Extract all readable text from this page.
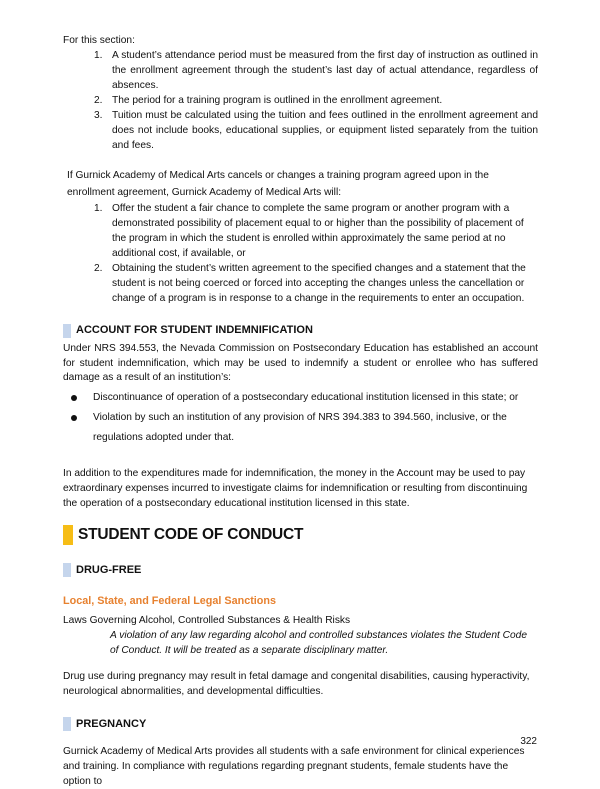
For this section:

1. A student’s attendance period must be measured from the first day of instruction as outlined in the enrollment agreement through the student’s last day of actual attendance, regardless of absences.
2. The period for a training program is outlined in the enrollment agreement.
3. Tuition must be calculated using the tuition and fees outlined in the enrollment agreement and does not include books, educational supplies, or equipment listed separately from the tuition and fees.

If Gurnick Academy of Medical Arts cancels or changes a training program agreed upon in the enrollment agreement, Gurnick Academy of Medical Arts will:

1. Offer the student a fair chance to complete the same program or another program with a demonstrated possibility of placement equal to or higher than the possibility of placement of the program in which the student is enrolled within approximately the same period at no additional cost, if available, or
2. Obtaining the student’s written agreement to the specified changes and a statement that the student is not being coerced or forced into accepting the changes unless the cancellation or change of a program is in response to a change in the requirements to enter an occupation.
ACCOUNT FOR STUDENT INDEMNIFICATION

Under NRS 394.553, the Nevada Commission on Postsecondary Education has established an account for student indemnification, which may be used to indemnify a student or enrollee who has suffered damage as a result of an institution’s:

Discontinuance of operation of a postsecondary educational institution licensed in this state; or
Violation by such an institution of any provision of NRS 394.383 to 394.560, inclusive, or the regulations adopted under that.

In addition to the expenditures made for indemnification, the money in the Account may be used to pay extraordinary expenses incurred to investigate claims for indemnification or resulting from discontinuing the operation of a postsecondary educational institution licensed in this state.

STUDENT CODE OF CONDUCT
DRUG-FREE

Local, State, and Federal Legal Sanctions

Laws Governing Alcohol, Controlled Substances & Health Risks

A violation of any law regarding alcohol and controlled substances violates the Student Code of Conduct. It will be treated as a separate disciplinary matter.

Drug use during pregnancy may result in fetal damage and congenital disabilities, causing hyperactivity, neurological abnormalities, and developmental difficulties.

PREGNANCY

Gurnick Academy of Medical Arts provides all students with a safe environment for clinical experiences and training. In compliance with regulations regarding pregnant students, female students have the option to

322
